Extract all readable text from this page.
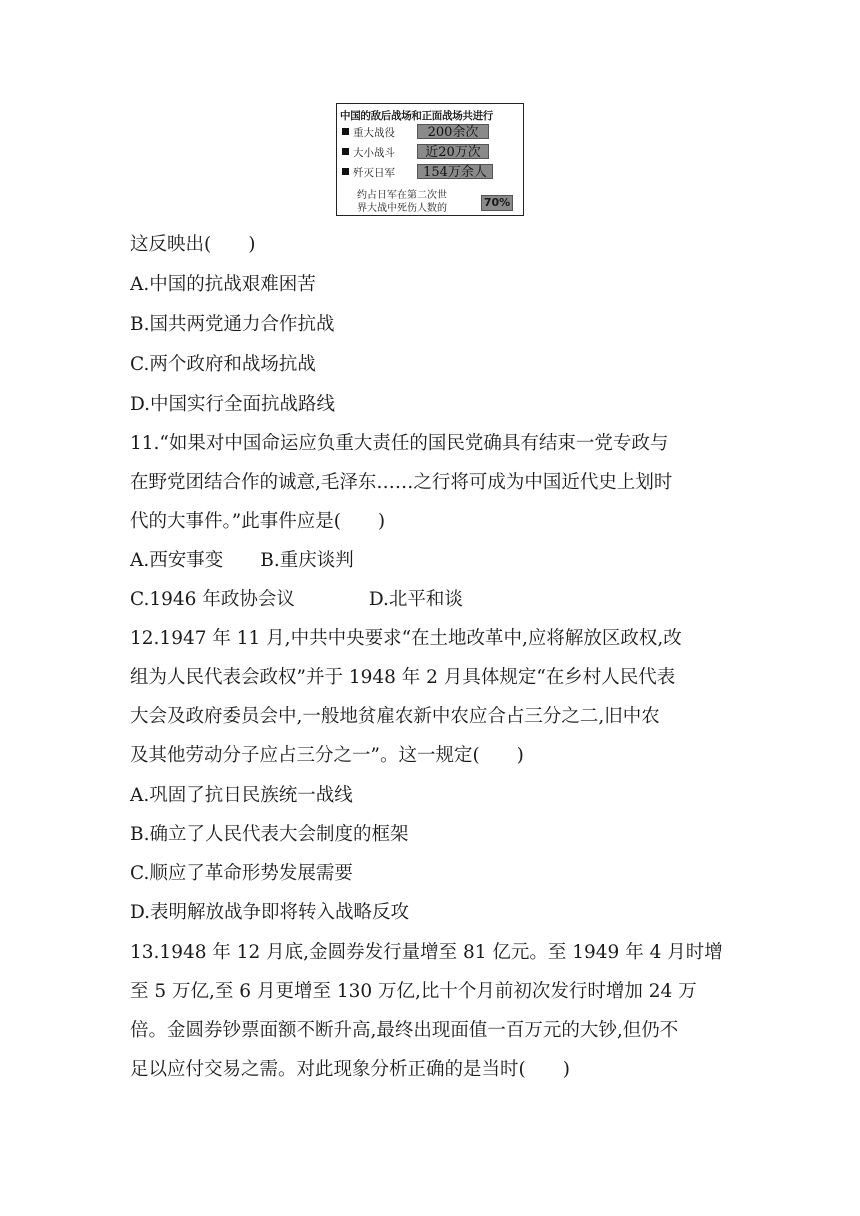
中国的敌后战场和正面战场共进行
重大战役	200余次
大小战斗	近20万次
歼灭日军	154万余人
约占日军在第二次世
界大战中死伤人数的	70%
这反映出(　　)
A.中国的抗战艰难困苦
B.国共两党通力合作抗战
C.两个政府和战场抗战
D.中国实行全面抗战路线
11.“如果对中国命运应负重大责任的国民党确具有结束一党专政与
在野党团结合作的诚意,毛泽东……之行将可成为中国近代史上划时
代的大事件。”此事件应是(　　)
A.西安事变　　B.重庆谈判
C.1946 年政协会议　　　　D.北平和谈
12.1947 年 11 月,中共中央要求“在土地改革中,应将解放区政权,改
组为人民代表会政权”并于 1948 年 2 月具体规定“在乡村人民代表
大会及政府委员会中,一般地贫雇农新中农应合占三分之二,旧中农
及其他劳动分子应占三分之一”。这一规定(　　)
A.巩固了抗日民族统一战线
B.确立了人民代表大会制度的框架
C.顺应了革命形势发展需要
D.表明解放战争即将转入战略反攻
13.1948 年 12 月底,金圆券发行量增至 81 亿元。至 1949 年 4 月时增
至 5 万亿,至 6 月更增至 130 万亿,比十个月前初次发行时增加 24 万
倍。金圆券钞票面额不断升高,最终出现面值一百万元的大钞,但仍不
足以应付交易之需。对此现象分析正确的是当时(　　)
